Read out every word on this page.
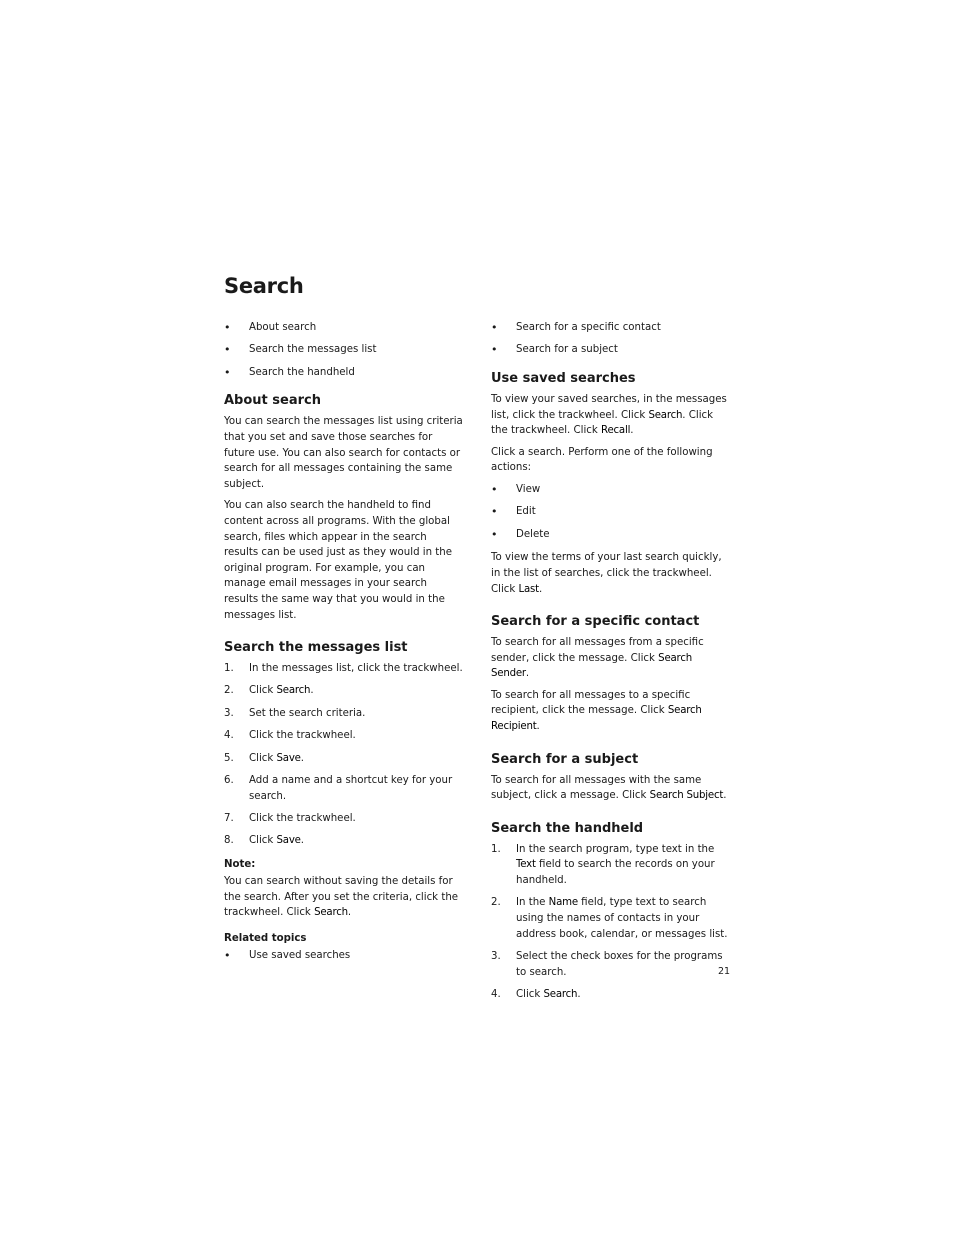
Search
• About search
• Search the messages list
• Search the handheld
About search

You can search the messages list using criteria that you set and save those searches for future use. You can also search for contacts or search for all messages containing the same subject.

You can also search the handheld to find content across all programs. With the global search, files which appear in the search results can be used just as they would in the original program. For example, you can manage email messages in your search results the same way that you would in the messages list.

Search the messages list
1. In the messages list, click the trackwheel.
2. Click Search.
3. Set the search criteria.
4. Click the trackwheel.
5. Click Save.
6. Add a name and a shortcut key for your search.
7. Click the trackwheel.
8. Click Save.
Note:

You can search without saving the details for the search. After you set the criteria, click the trackwheel. Click Search.

Related topics
• Use saved searches
• Search for a specific contact
• Search for a subject
Use saved searches

To view your saved searches, in the messages list, click the trackwheel. Click Search. Click the trackwheel. Click Recall.

Click a search. Perform one of the following actions:

• View
• Edit
• Delete

To view the terms of your last search quickly, in the list of searches, click the trackwheel. Click Last.

Search for a specific contact

To search for all messages from a specific sender, click the message. Click Search Sender.

To search for all messages to a specific recipient, click the message. Click Search Recipient.

Search for a subject

To search for all messages with the same subject, click a message. Click Search Subject.

Search the handheld
1. In the search program, type text in the Text field to search the records on your handheld.
2. In the Name field, type text to search using the names of contacts in your address book, calendar, or messages list.
3. Select the check boxes for the programs to search.
4. Click Search.
21
